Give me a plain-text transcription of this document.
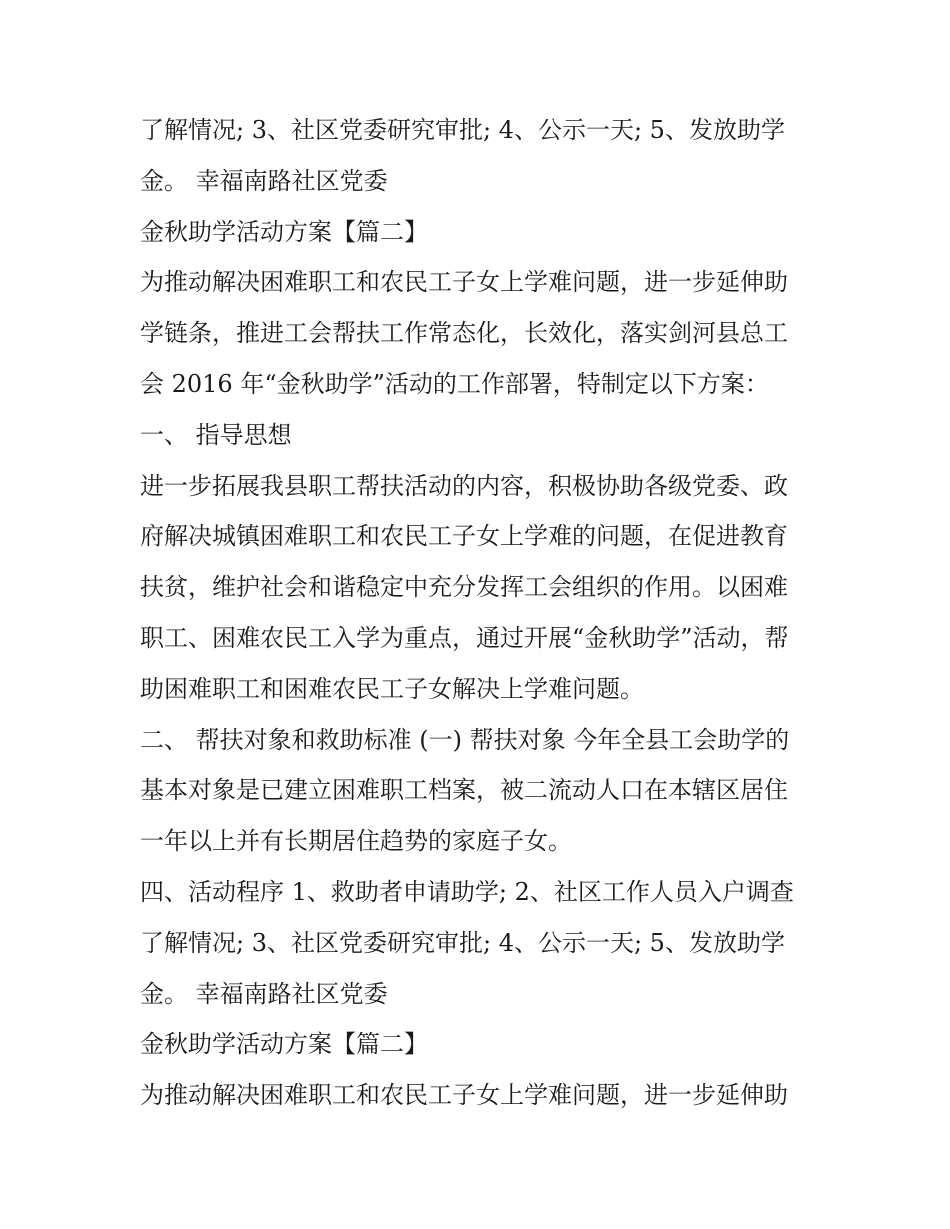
了解情况; 3、社区党委研究审批; 4、公示一天; 5、发放助学
金。 幸福南路社区党委
金秋助学活动方案【篇二】
为推动解决困难职工和农民工子女上学难问题，进一步延伸助
学链条，推进工会帮扶工作常态化，长效化，落实剑河县总工
会 2016 年“金秋助学”活动的工作部署，特制定以下方案：
一、 指导思想
进一步拓展我县职工帮扶活动的内容，积极协助各级党委、政
府解决城镇困难职工和农民工子女上学难的问题，在促进教育
扶贫，维护社会和谐稳定中充分发挥工会组织的作用。以困难
职工、困难农民工入学为重点，通过开展“金秋助学”活动，帮
助困难职工和困难农民工子女解决上学难问题。
二、 帮扶对象和救助标准 (一) 帮扶对象 今年全县工会助学的
基本对象是已建立困难职工档案，被二流动人口在本辖区居住
一年以上并有长期居住趋势的家庭子女。
四、活动程序 1、救助者申请助学; 2、社区工作人员入户调查
了解情况; 3、社区党委研究审批; 4、公示一天; 5、发放助学
金。 幸福南路社区党委
金秋助学活动方案【篇二】
为推动解决困难职工和农民工子女上学难问题，进一步延伸助
